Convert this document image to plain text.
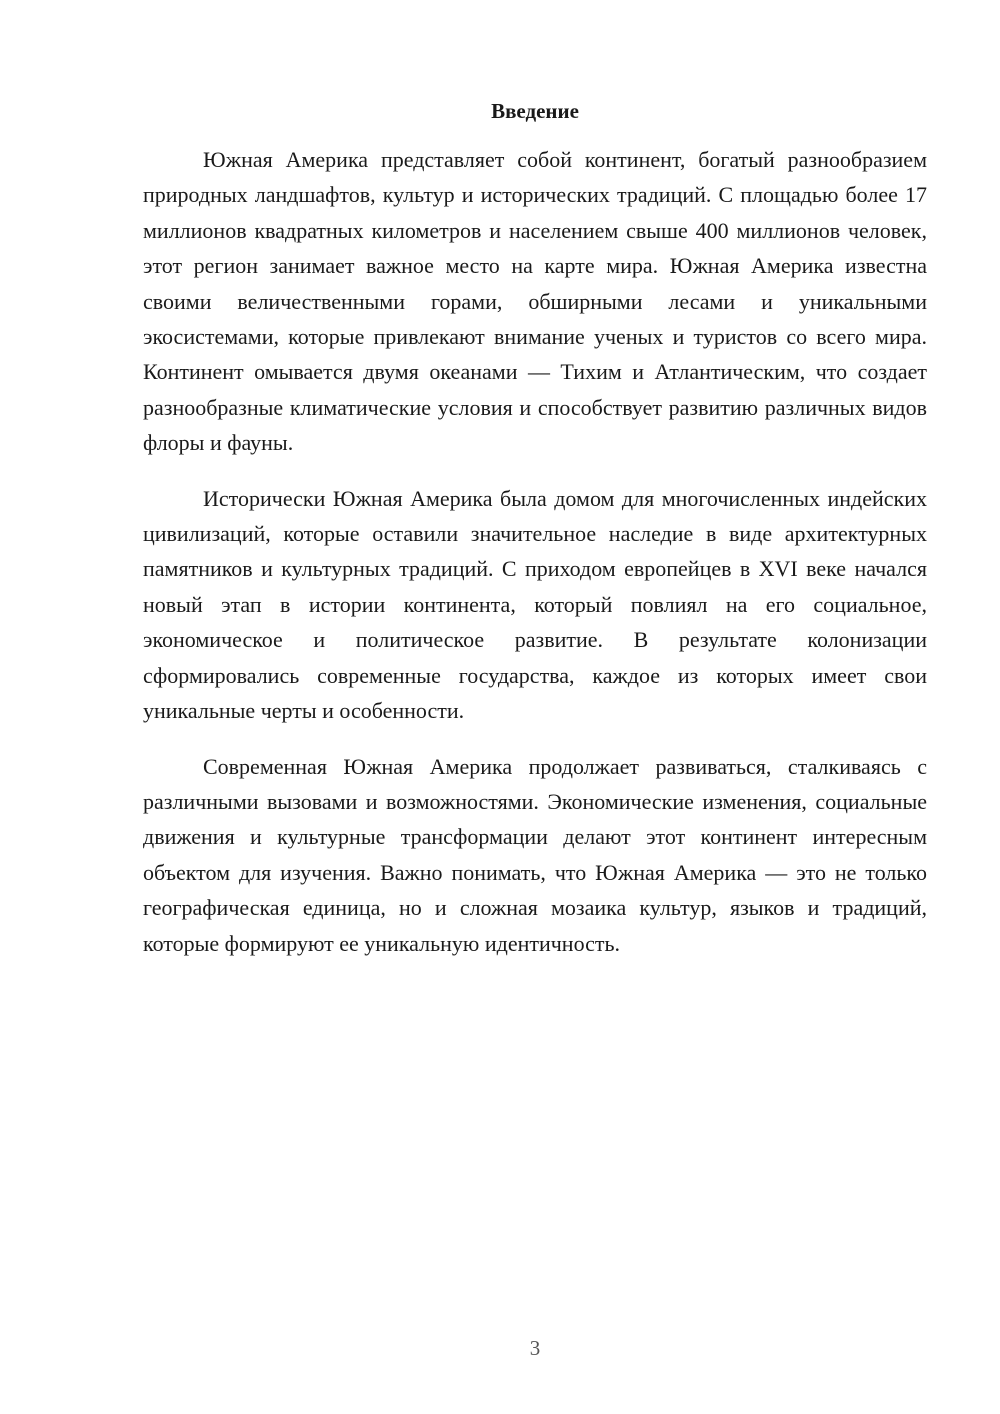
Введение

Южная Америка представляет собой континент, богатый разнообразием природных ландшафтов, культур и исторических традиций. С площадью более 17 миллионов квадратных километров и населением свыше 400 миллионов человек, этот регион занимает важное место на карте мира. Южная Америка известна своими величественными горами, обширными лесами и уникальными экосистемами, которые привлекают внимание ученых и туристов со всего мира. Континент омывается двумя океанами — Тихим и Атлантическим, что создает разнообразные климатические условия и способствует развитию различных видов флоры и фауны.

Исторически Южная Америка была домом для многочисленных индейских цивилизаций, которые оставили значительное наследие в виде архитектурных памятников и культурных традиций. С приходом европейцев в XVI веке начался новый этап в истории континента, который повлиял на его социальное, экономическое и политическое развитие. В результате колонизации сформировались современные государства, каждое из которых имеет свои уникальные черты и особенности.

Современная Южная Америка продолжает развиваться, сталкиваясь с различными вызовами и возможностями. Экономические изменения, социальные движения и культурные трансформации делают этот континент интересным объектом для изучения. Важно понимать, что Южная Америка — это не только географическая единица, но и сложная мозаика культур, языков и традиций, которые формируют ее уникальную идентичность.

3
